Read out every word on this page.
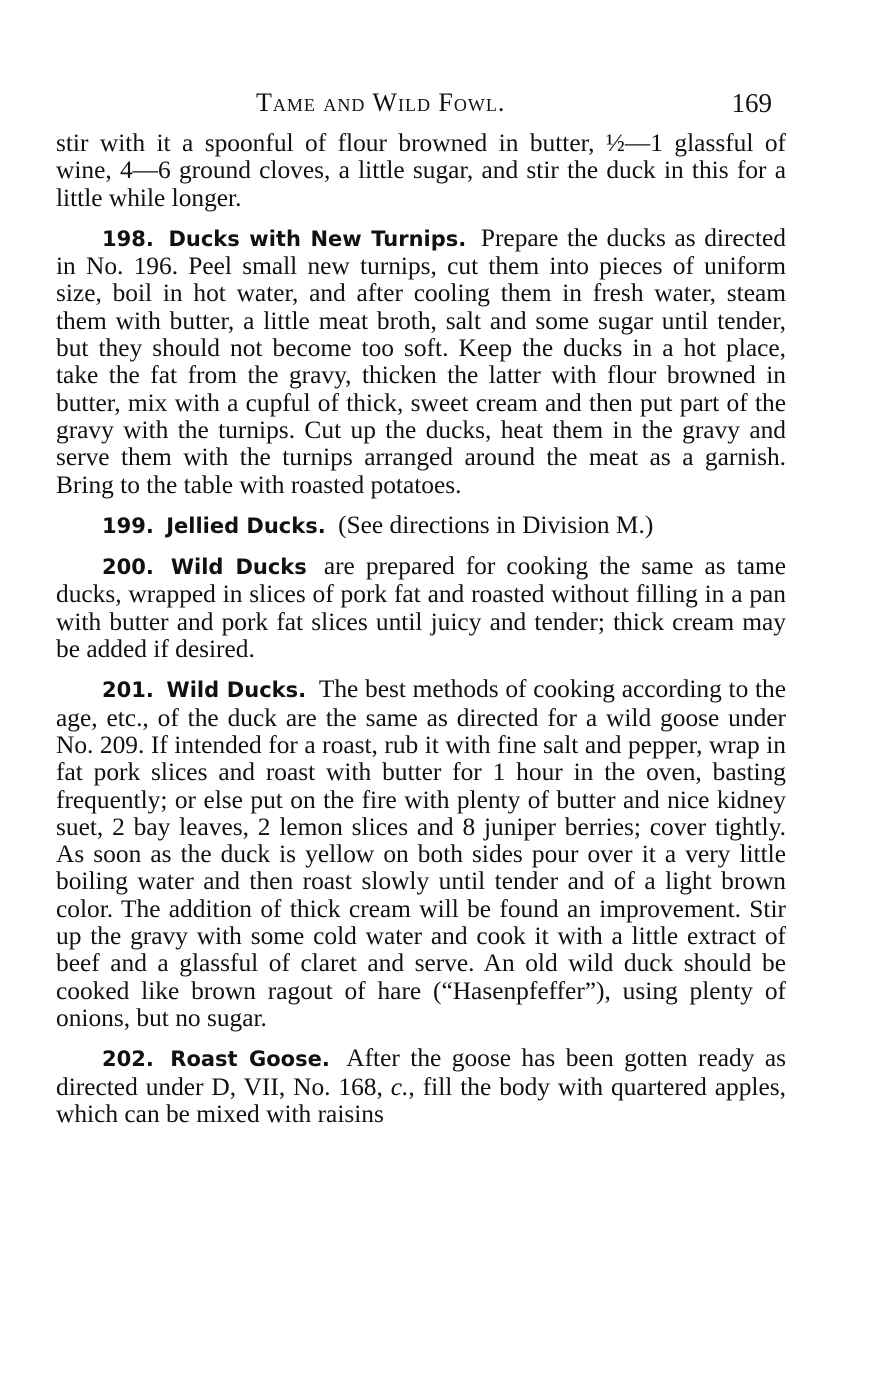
Tame and Wild Fowl.	169

stir with it a spoonful of flour browned in butter, ½—1 glassful of wine, 4—6 ground cloves, a little sugar, and stir the duck in this for a little while longer.

198. Ducks with New Turnips. Prepare the ducks as directed in No. 196. Peel small new turnips, cut them into pieces of uniform size, boil in hot water, and after cooling them in fresh water, steam them with butter, a little meat broth, salt and some sugar until tender, but they should not become too soft. Keep the ducks in a hot place, take the fat from the gravy, thicken the latter with flour browned in butter, mix with a cupful of thick, sweet cream and then put part of the gravy with the turnips. Cut up the ducks, heat them in the gravy and serve them with the turnips arranged around the meat as a garnish. Bring to the table with roasted potatoes.

199. Jellied Ducks. (See directions in Division M.)

200. Wild Ducks are prepared for cooking the same as tame ducks, wrapped in slices of pork fat and roasted without filling in a pan with butter and pork fat slices until juicy and tender; thick cream may be added if desired.

201. Wild Ducks. The best methods of cooking according to the age, etc., of the duck are the same as directed for a wild goose under No. 209. If intended for a roast, rub it with fine salt and pepper, wrap in fat pork slices and roast with butter for 1 hour in the oven, basting frequently; or else put on the fire with plenty of butter and nice kidney suet, 2 bay leaves, 2 lemon slices and 8 juniper berries; cover tightly. As soon as the duck is yellow on both sides pour over it a very little boiling water and then roast slowly until tender and of a light brown color. The addition of thick cream will be found an improvement. Stir up the gravy with some cold water and cook it with a little extract of beef and a glassful of claret and serve. An old wild duck should be cooked like brown ragout of hare (“Hasenpfeffer”), using plenty of onions, but no sugar.

202. Roast Goose. After the goose has been gotten ready as directed under D, VII, No. 168, c., fill the body with quartered apples, which can be mixed with raisins
